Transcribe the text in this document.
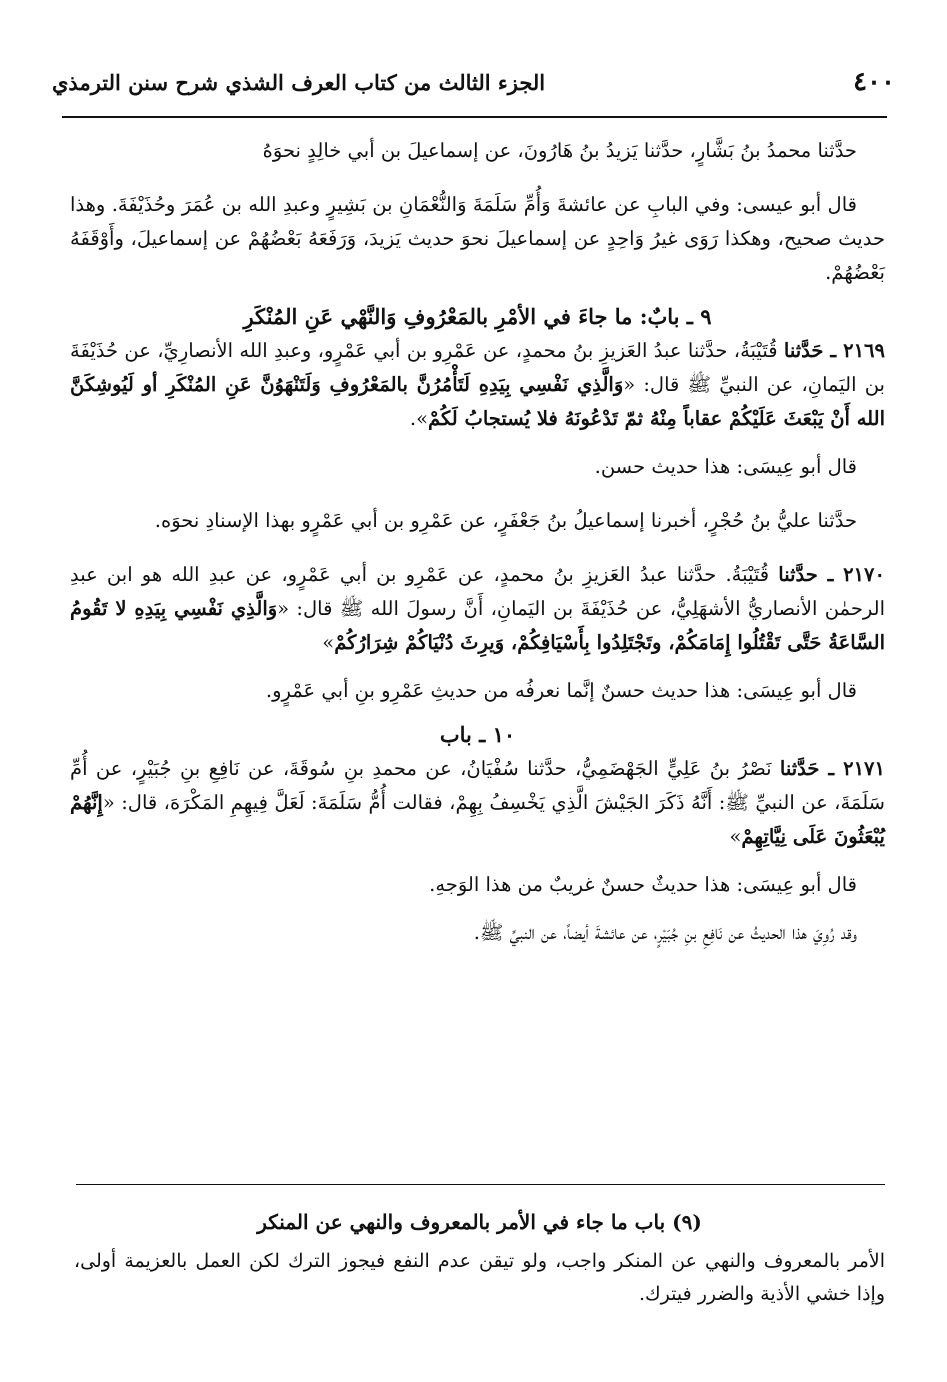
٤٠٠
الجزء الثالث من كتاب العرف الشذي شرح سنن الترمذي

حدَّثنا محمدُ بنُ بَشَّارٍ، حدَّثنا يَزيدُ بنُ هَارُونَ، عن إسماعيلَ بن أبي خالِدٍ نحوَهُ

قال أبو عيسى: وفي البابِ عن عائشةَ وَأُمِّ سَلَمَةَ وَالنُّعْمَانِ بن بَشِيرٍ وعبدِ الله بن عُمَرَ وحُذَيْفَةَ. وهذا حديث صحيح، وهكذا رَوَى غيرُ وَاحِدٍ عن إسماعيلَ نحوَ حديث يَزيدَ، وَرَفَعَهُ بَعْضُهُمْ عن إسماعيلَ، وأَوْقَفَهُ بَعْضُهُمْ.

٩ ـ بابٌ: ما جاءَ في الأمْرِ بالمَعْرُوفِ وَالنَّهْي عَنِ المُنْكَرِ

٢١٦٩ ـ حَدَّثنا قُتَيْبَةُ، حدَّثنا عبدُ العَزيزِ بنُ محمدٍ، عن عَمْرِو بن أبي عَمْرٍو، وعبدِ الله الأنصارِيِّ، عن حُذَيْفَةَ بن اليَمانِ، عن النبيِّ ﷺ قال: «وَالَّذِي نَفْسِي بِيَدِهِ لَتَأْمُرُنَّ بالمَعْرُوفِ وَلَتَنْهَوُنَّ عَنِ المُنْكَرِ أو لَيُوشِكَنَّ الله أَنْ يَبْعَثَ عَلَيْكُمْ عقاباً مِنْهُ ثمّ تَدْعُونَهُ فلا يُستجابُ لَكُمْ».

قال أبو عِيسَى: هذا حديث حسن.

حدَّثنا عليُّ بنُ حُجْرٍ، أخبرنا إسماعيلُ بنُ جَعْفَرٍ، عن عَمْرِو بن أبي عَمْرٍو بهذا الإسنادِ نحوَه.

٢١٧٠ ـ حدَّثنا قُتَيْبَةُ. حدَّثنا عبدُ العَزيزِ بنُ محمدٍ، عن عَمْرِو بن أبي عَمْرٍو، عن عبدِ الله هو ابن عبدِ الرحمٰن الأنصاريُّ الأشهَلِيُّ، عن حُذَيْفَةَ بن اليَمانِ، أَنَّ رسولَ الله ﷺ قال: «وَالَّذِي نَفْسِي بِيَدِهِ لا تَقُومُ السَّاعَةُ حَتَّى تَقْتُلُوا إِمَامَكُمْ، وتَجْتَلِدُوا بِأَسْيَافِكُمْ، وَيرِثَ دُنْيَاكُمْ شِرَارُكُمْ»

قال أبو عِيسَى: هذا حديث حسنٌ إنَّما نعرفُه من حديثِ عَمْرِو بنِ أبي عَمْرٍو.

١٠ ـ باب

٢١٧١ ـ حَدَّثنا نَصْرُ بنُ عَلِيٍّ الجَهْضَمِيُّ، حدَّثنا سُفْيَانُ، عن محمدِ بنِ سُوقَةَ، عن نَافِعِ بنِ جُبَيْرٍ، عن أُمِّ سَلَمَةَ، عن النبيِّ ﷺ: أَنَّهُ ذَكَرَ الجَيْشَ الَّذِي يَخْسِفُ بِهِمْ، فقالت أُمُّ سَلَمَةَ: لَعَلَّ فِيهِمِ المَكْرَهَ، قال: «إِنَّهُمْ يُبْعَثُونَ عَلَى نِيَّاتِهِمْ»

قال أبو عِيسَى: هذا حديثٌ حسنٌ غريبٌ من هذا الوَجهِ.

وقد رُوِيَ هذا الحديثُ عن نَافِعِ بنِ جُبَيْرٍ، عن عائشةَ أيضاً، عن النبيِّ ﷺ.

(٩) باب ما جاء في الأمر بالمعروف والنهي عن المنكر

الأمر بالمعروف والنهي عن المنكر واجب، ولو تيقن عدم النفع فيجوز الترك لكن العمل بالعزيمة أولى، وإذا خشي الأذية والضرر فيترك.
